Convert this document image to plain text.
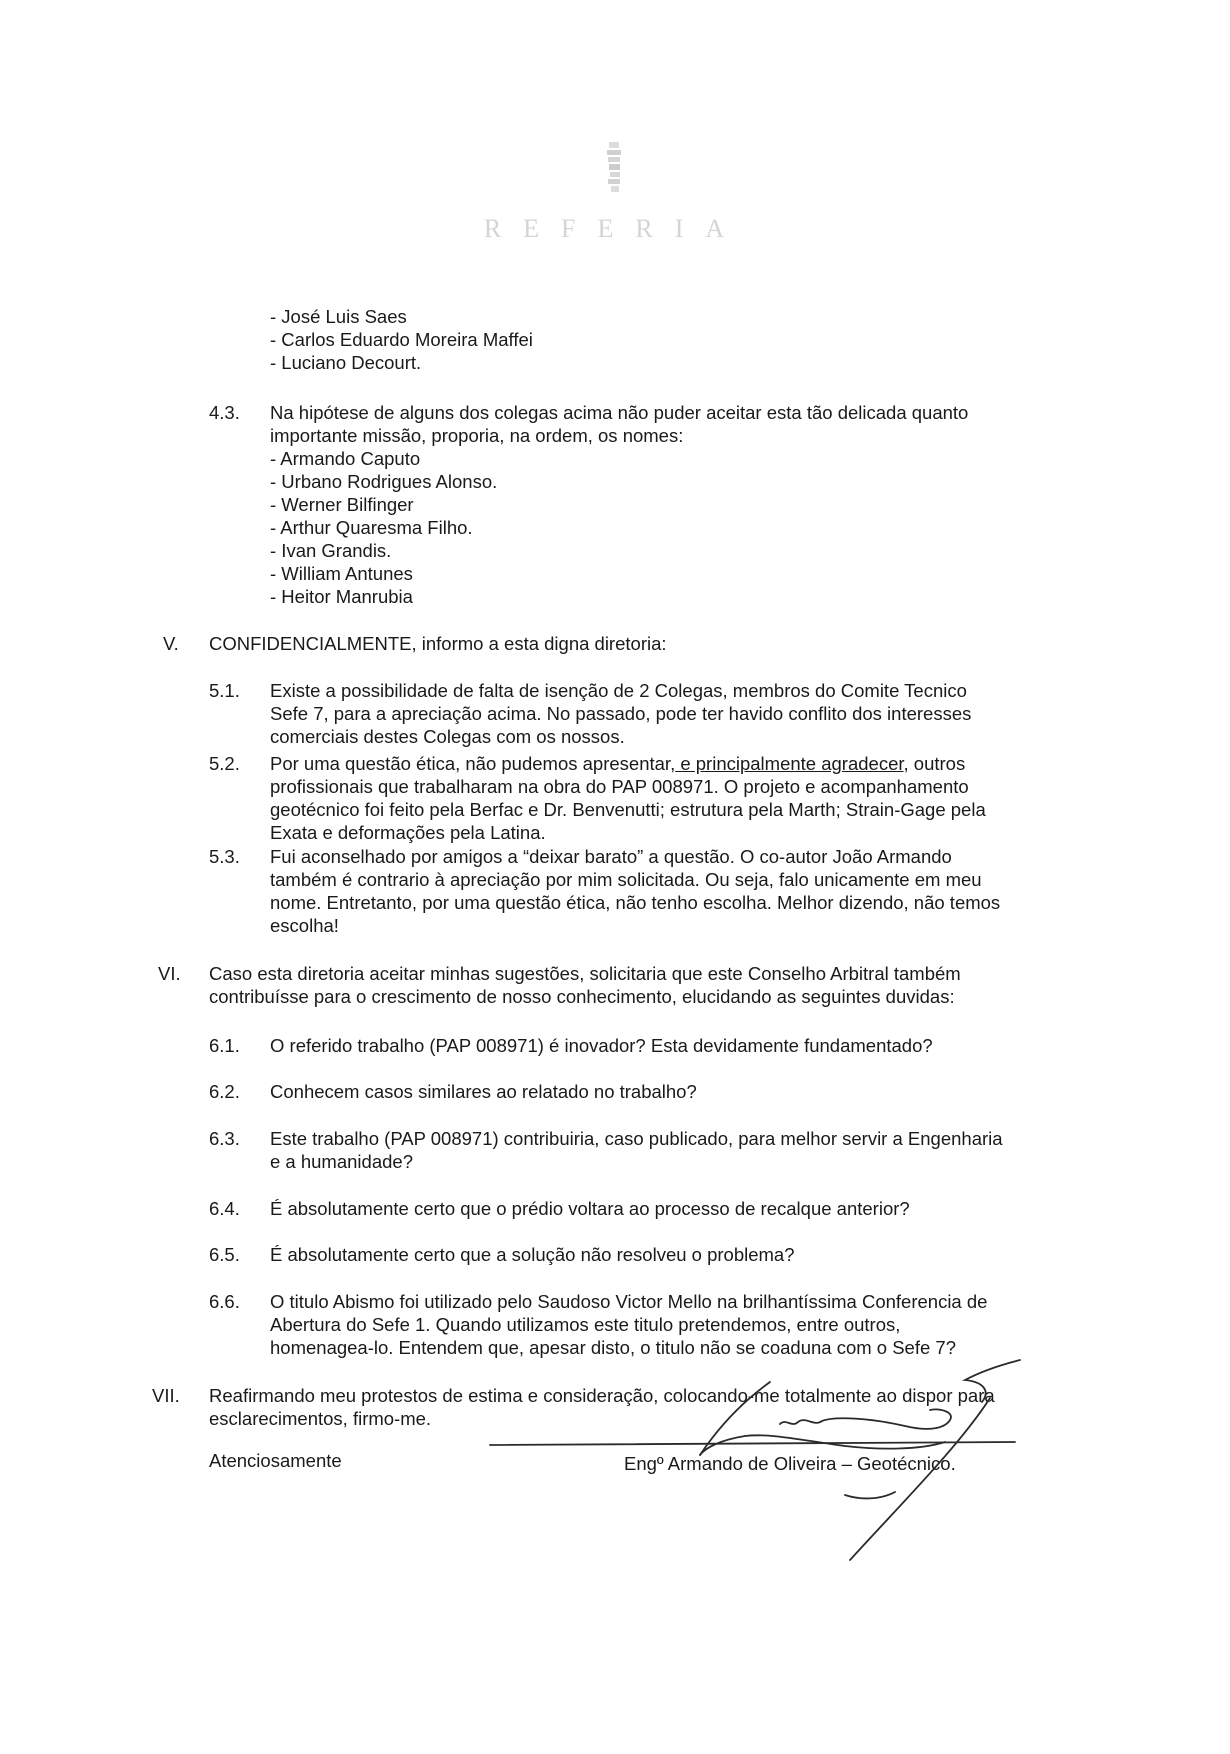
REFERIA
- José Luis Saes
- Carlos Eduardo Moreira Maffei
- Luciano Decourt.
4.3. Na hipótese de alguns dos colegas acima não puder aceitar esta tão delicada quanto
importante missão, proporia, na ordem, os nomes:
- Armando Caputo
- Urbano Rodrigues Alonso.
- Werner Bilfinger
- Arthur Quaresma Filho.
- Ivan Grandis.
- William Antunes
- Heitor Manrubia
V. CONFIDENCIALMENTE, informo a esta digna diretoria:
5.1. Existe a possibilidade de falta de isenção de 2 Colegas, membros do Comite Tecnico
Sefe 7, para a apreciação acima. No passado, pode ter havido conflito dos interesses
comerciais destes Colegas com os nossos.
5.2. Por uma questão ética, não pudemos apresentar, e principalmente agradecer, outros
profissionais que trabalharam na obra do PAP 008971. O projeto e acompanhamento
geotécnico foi feito pela Berfac e Dr. Benvenutti; estrutura pela Marth; Strain-Gage pela
Exata e deformações pela Latina.
5.3. Fui aconselhado por amigos a “deixar barato” a questão. O co-autor João Armando
também é contrario à apreciação por mim solicitada. Ou seja, falo unicamente em meu
nome. Entretanto, por uma questão ética, não tenho escolha. Melhor dizendo, não temos
escolha!
VI. Caso esta diretoria aceitar minhas sugestões, solicitaria que este Conselho Arbitral também
contribuísse para o crescimento de nosso conhecimento, elucidando as seguintes duvidas:
6.1. O referido trabalho (PAP 008971) é inovador? Esta devidamente fundamentado?
6.2. Conhecem casos similares ao relatado no trabalho?
6.3. Este trabalho (PAP 008971) contribuiria, caso publicado, para melhor servir a Engenharia
e a humanidade?
6.4. É absolutamente certo que o prédio voltara ao processo de recalque anterior?
6.5. É absolutamente certo que a solução não resolveu o problema?
6.6. O titulo Abismo foi utilizado pelo Saudoso Victor Mello na brilhantíssima Conferencia de
Abertura do Sefe 1. Quando utilizamos este titulo pretendemos, entre outros,
homenagea-lo. Entendem que, apesar disto, o titulo não se coaduna com o Sefe 7?
VII. Reafirmando meu protestos de estima e consideração, colocando-me totalmente ao dispor para
esclarecimentos, firmo-me.
Atenciosamente	Engº Armando de Oliveira – Geotécnico.
